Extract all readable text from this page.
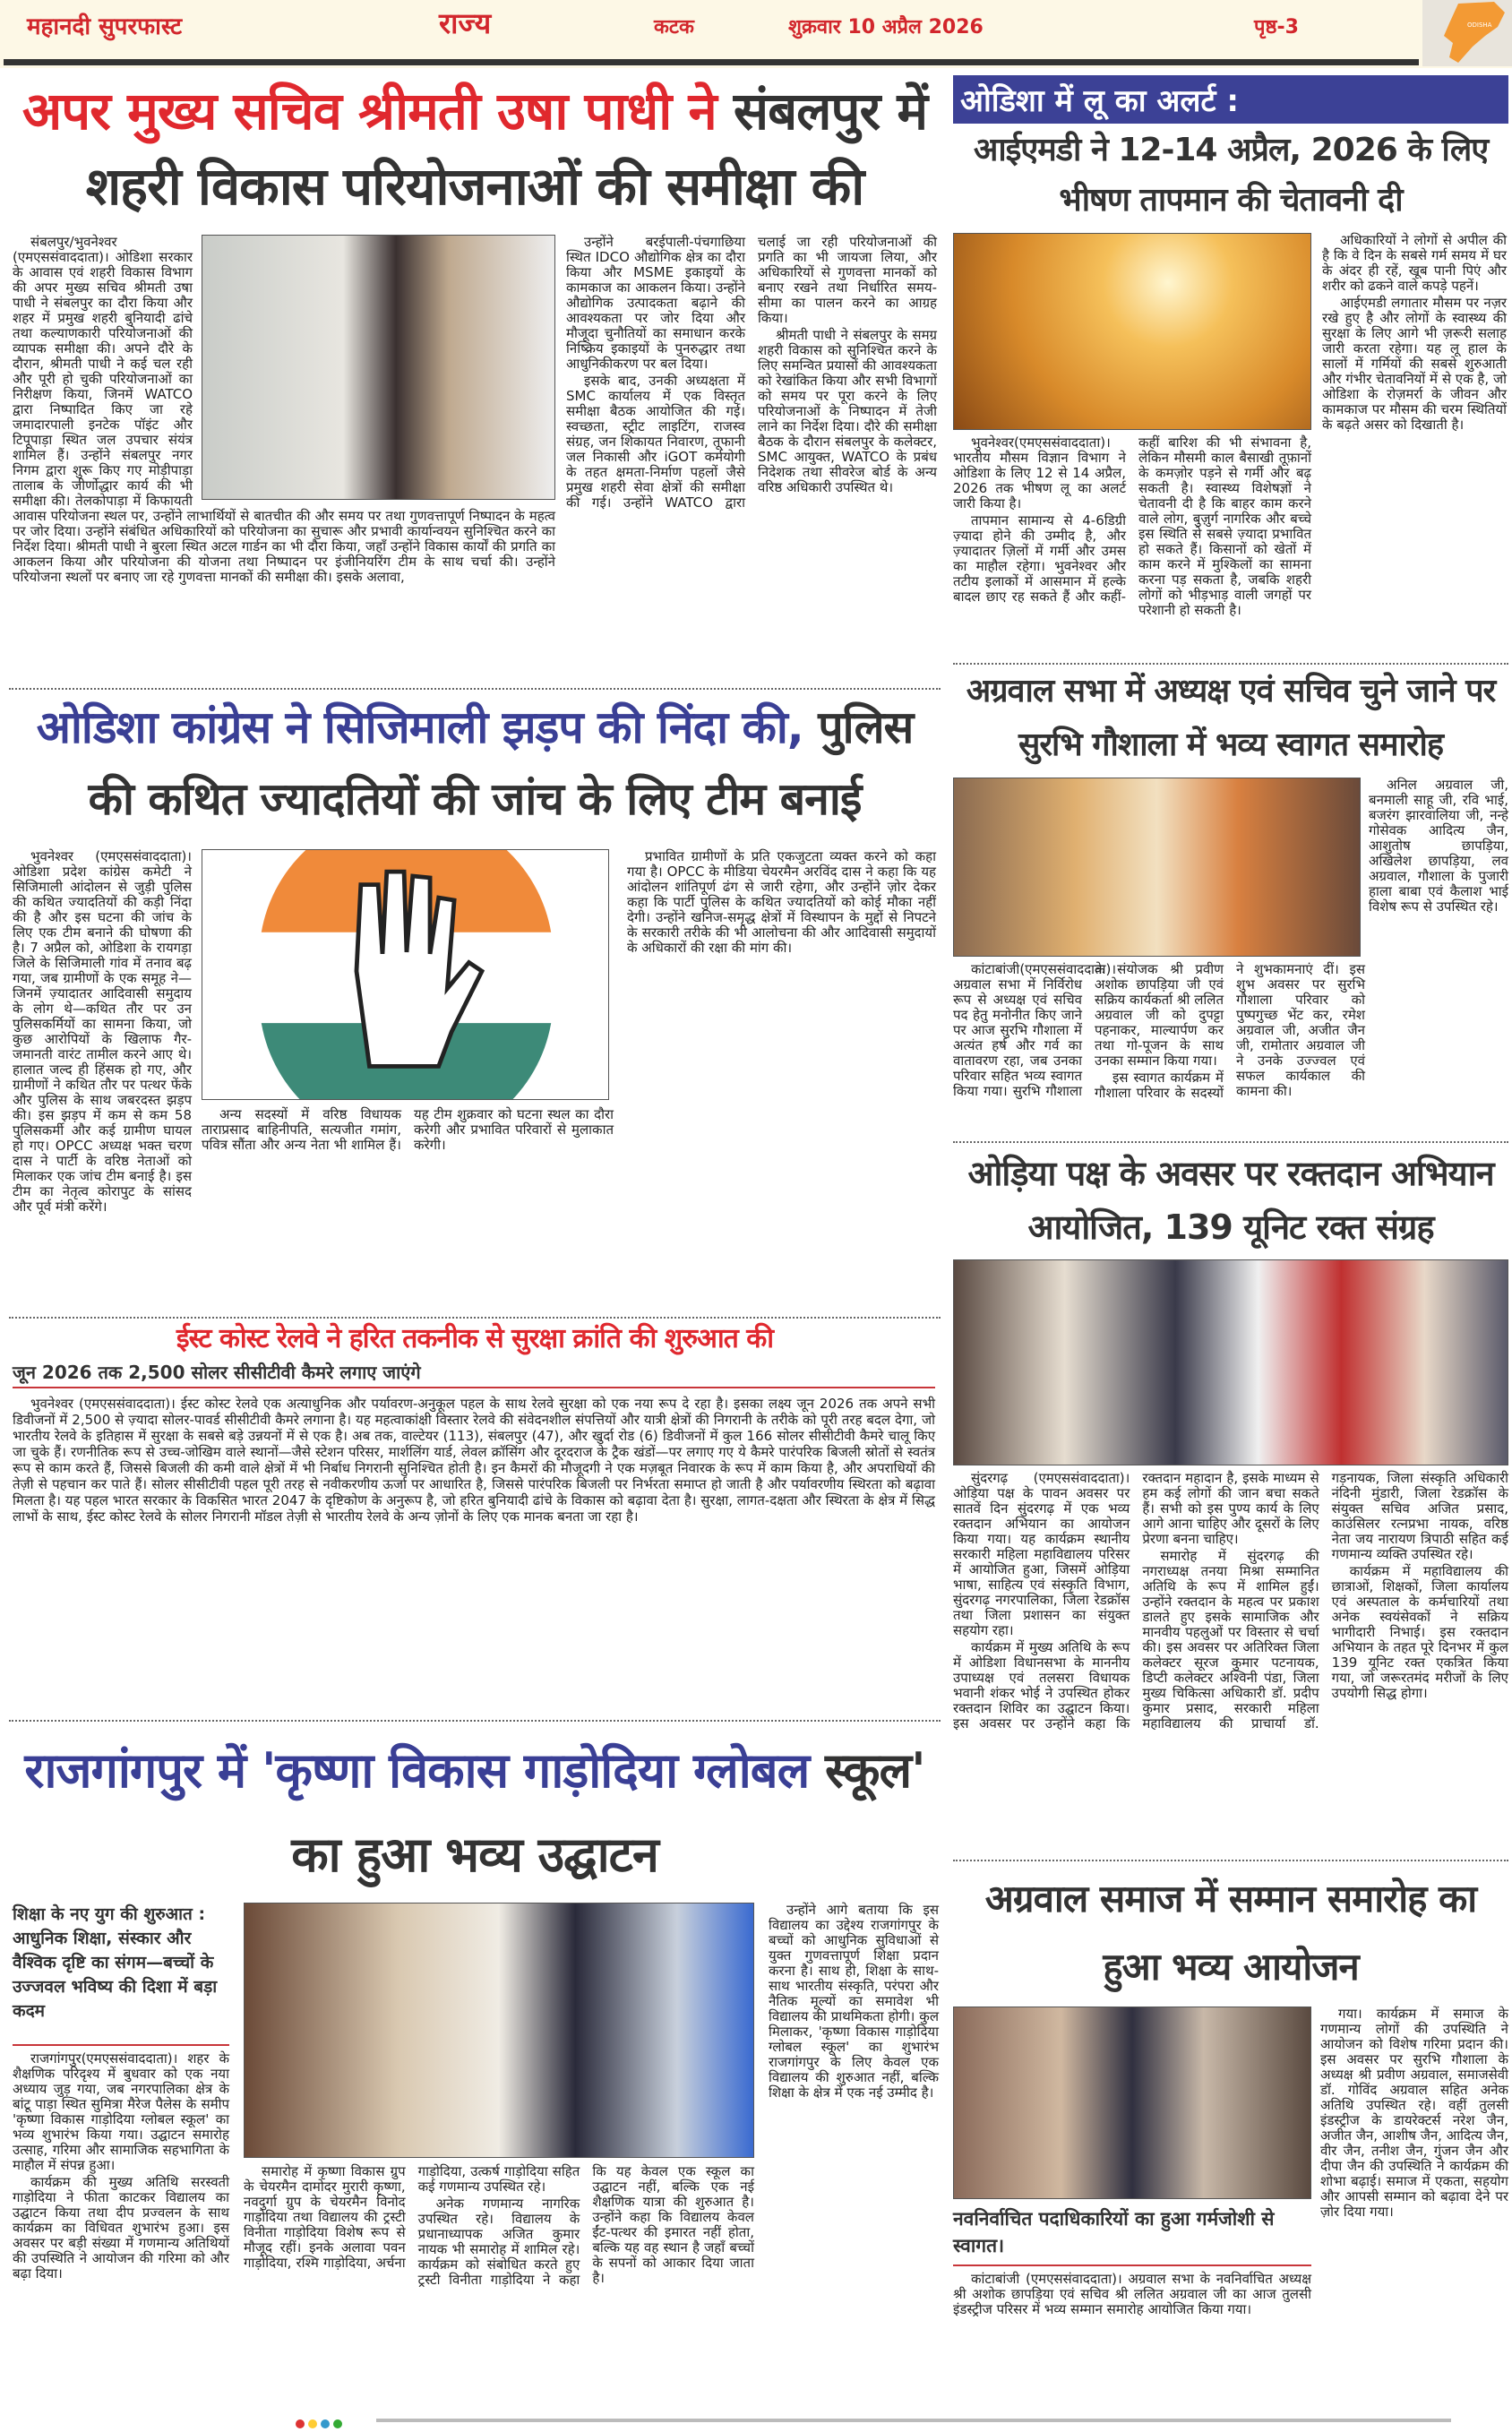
महानदी सुपरफास्ट	राज्य	कटक	शुक्रवार 10 अप्रैल 2026	पृष्ठ-3	ODISHA
अपर मुख्य सचिव श्रीमती उषा पाधी ने संबलपुर में शहरी विकास परियोजनाओं की समीक्षा की

संबलपुर/भुवनेश्वर (एमएससंवाददाता)। ओडिशा सरकार के आवास एवं शहरी विकास विभाग की अपर मुख्य सचिव श्रीमती उषा पाधी ने संबलपुर का दौरा किया और शहर में प्रमुख शहरी बुनियादी ढांचे तथा कल्याणकारी परियोजनाओं की व्यापक समीक्षा की। अपने दौरे के दौरान, श्रीमती पाधी ने कई चल रही और पूरी हो चुकी परियोजनाओं का निरीक्षण किया, जिनमें WATCO द्वारा निष्पादित किए जा रहे जमादारपाली इनटेक पॉइंट और टिपूपाड़ा स्थित जल उपचार संयंत्र शामिल हैं। उन्होंने संबलपुर नगर निगम द्वारा शुरू किए गए मोड़ीपाड़ा तालाब के जीर्णोद्धार कार्य की भी समीक्षा की। तेलकोपाड़ा में किफायती आवास परियोजना स्थल पर, उन्होंने लाभार्थियों से बातचीत की और समय पर तथा गुणवत्तापूर्ण निष्पादन के महत्व पर जोर दिया। उन्होंने संबंधित अधिकारियों को परियोजना का सुचारू और प्रभावी कार्यान्वयन सुनिश्चित करने का निर्देश दिया। श्रीमती पाधी ने बुरला स्थित अटल गार्डन का भी दौरा किया, जहाँ उन्होंने विकास कार्यों की प्रगति का आकलन किया और परियोजना की योजना तथा निष्पादन पर इंजीनियरिंग टीम के साथ चर्चा की। उन्होंने परियोजना स्थलों पर बनाए जा रहे गुणवत्ता मानकों की समीक्षा की। इसके अलावा,

उन्होंने बरईपाली-पंचगाछिया स्थित IDCO औद्योगिक क्षेत्र का दौरा किया और MSME इकाइयों के कामकाज का आकलन किया। उन्होंने औद्योगिक उत्पादकता बढ़ाने की आवश्यकता पर जोर दिया और मौजूदा चुनौतियों का समाधान करके निष्क्रिय इकाइयों के पुनरुद्धार तथा आधुनिकीकरण पर बल दिया।

इसके बाद, उनकी अध्यक्षता में SMC कार्यालय में एक विस्तृत समीक्षा बैठक आयोजित की गई। स्वच्छता, स्ट्रीट लाइटिंग, राजस्व संग्रह, जन शिकायत निवारण, तूफानी जल निकासी और iGOT कर्मयोगी के तहत क्षमता-निर्माण पहलों जैसे प्रमुख शहरी सेवा क्षेत्रों की समीक्षा की गई। उन्होंने WATCO द्वारा चलाई जा रही परियोजनाओं की प्रगति का भी जायजा लिया, और अधिकारियों से गुणवत्ता मानकों को बनाए रखने तथा निर्धारित समय-सीमा का पालन करने का आग्रह किया।

श्रीमती पाधी ने संबलपुर के समग्र शहरी विकास को सुनिश्चित करने के लिए समन्वित प्रयासों की आवश्यकता को रेखांकित किया और सभी विभागों को समय पर पूरा करने के लिए परियोजनाओं के निष्पादन में तेजी लाने का निर्देश दिया। दौरे की समीक्षा बैठक के दौरान संबलपुर के कलेक्टर, SMC आयुक्त, WATCO के प्रबंध निदेशक तथा सीवरेज बोर्ड के अन्य वरिष्ठ अधिकारी उपस्थित थे।

ओडिशा में लू का अलर्ट :
आईएमडी ने 12-14 अप्रैल, 2026 के लिए भीषण तापमान की चेतावनी दी

भुवनेश्वर(एमएससंवाददाता)। भारतीय मौसम विज्ञान विभाग ने ओडिशा के लिए 12 से 14 अप्रैल, 2026 तक भीषण लू का अलर्ट जारी किया है।

तापमान सामान्य से 4-6डिग्री ज़्यादा होने की उम्मीद है, और ज़्यादातर ज़िलों में गर्मी और उमस का माहौल रहेगा। भुवनेश्वर और तटीय इलाकों में आसमान में हल्के बादल छाए रह सकते हैं और कहीं-कहीं बारिश की भी संभावना है, लेकिन मौसमी काल बैसाखी तूफ़ानों के कमज़ोर पड़ने से गर्मी और बढ़ सकती है। स्वास्थ्य विशेषज्ञों ने चेतावनी दी है कि बाहर काम करने वाले लोग, बुज़ुर्ग नागरिक और बच्चे इस स्थिति से सबसे ज़्यादा प्रभावित हो सकते हैं। किसानों को खेतों में काम करने में मुश्किलों का सामना करना पड़ सकता है, जबकि शहरी लोगों को भीड़भाड़ वाली जगहों पर परेशानी हो सकती है।

अधिकारियों ने लोगों से अपील की है कि वे दिन के सबसे गर्म समय में घर के अंदर ही रहें, खूब पानी पिएं और शरीर को ढकने वाले कपड़े पहनें।

आईएमडी लगातार मौसम पर नज़र रखे हुए है और लोगों के स्वास्थ्य की सुरक्षा के लिए आगे भी ज़रूरी सलाह जारी करता रहेगा। यह लू हाल के सालों में गर्मियों की सबसे शुरुआती और गंभीर चेतावनियों में से एक है, जो ओडिशा के रोज़मर्रा के जीवन और कामकाज पर मौसम की चरम स्थितियों के बढ़ते असर को दिखाती है।

ओडिशा कांग्रेस ने सिजिमाली झड़प की निंदा की, पुलिस की कथित ज्यादतियों की जांच के लिए टीम बनाई

भुवनेश्वर (एमएससंवाददाता)। ओडिशा प्रदेश कांग्रेस कमेटी ने सिजिमाली आंदोलन से जुड़ी पुलिस की कथित ज्यादतियों की कड़ी निंदा की है और इस घटना की जांच के लिए एक टीम बनाने की घोषणा की है। 7 अप्रैल को, ओडिशा के रायगड़ा जिले के सिजिमाली गांव में तनाव बढ़ गया, जब ग्रामीणों के एक समूह ने—जिनमें ज़्यादातर आदिवासी समुदाय के लोग थे—कथित तौर पर उन पुलिसकर्मियों का सामना किया, जो कुछ आरोपियों के खिलाफ गैर-जमानती वारंट तामील करने आए थे। हालात जल्द ही हिंसक हो गए, और ग्रामीणों ने कथित तौर पर पत्थर फेंके और पुलिस के साथ जबरदस्त झड़प की। इस झड़प में कम से कम 58 पुलिसकर्मी और कई ग्रामीण घायल हो गए। OPCC अध्यक्ष भक्त चरण दास ने पार्टी के वरिष्ठ नेताओं को मिलाकर एक जांच टीम बनाई है। इस टीम का नेतृत्व कोरापुट के सांसद और पूर्व मंत्री करेंगे।

अन्य सदस्यों में वरिष्ठ विधायक ताराप्रसाद बाहिनीपति, सत्यजीत गमांग, पवित्र सौंता और अन्य नेता भी शामिल हैं। यह टीम शुक्रवार को घटना स्थल का दौरा करेगी और प्रभावित परिवारों से मुलाकात करेगी।

प्रभावित ग्रामीणों के प्रति एकजुटता व्यक्त करने को कहा गया है। OPCC के मीडिया चेयरमैन अरविंद दास ने कहा कि यह आंदोलन शांतिपूर्ण ढंग से जारी रहेगा, और उन्होंने ज़ोर देकर कहा कि पार्टी पुलिस के कथित ज्यादतियों को कोई मौका नहीं देगी। उन्होंने खनिज-समृद्ध क्षेत्रों में विस्थापन के मुद्दों से निपटने के सरकारी तरीके की भी आलोचना की और आदिवासी समुदायों के अधिकारों की रक्षा की मांग की।

ईस्ट कोस्ट रेलवे ने हरित तकनीक से सुरक्षा क्रांति की शुरुआत की
जून 2026 तक 2,500 सोलर सीसीटीवी कैमरे लगाए जाएंगे

भुवनेश्वर (एमएससंवाददाता)। ईस्ट कोस्ट रेलवे एक अत्याधुनिक और पर्यावरण-अनुकूल पहल के साथ रेलवे सुरक्षा को एक नया रूप दे रहा है। इसका लक्ष्य जून 2026 तक अपने सभी डिवीजनों में 2,500 से ज़्यादा सोलर-पावर्ड सीसीटीवी कैमरे लगाना है। यह महत्वाकांक्षी विस्तार रेलवे की संवेदनशील संपत्तियों और यात्री क्षेत्रों की निगरानी के तरीके को पूरी तरह बदल देगा, जो भारतीय रेलवे के इतिहास में सुरक्षा के सबसे बड़े उन्नयनों में से एक है। अब तक, वाल्टेयर (113), संबलपुर (47), और खुर्दा रोड (6) डिवीजनों में कुल 166 सोलर सीसीटीवी कैमरे चालू किए जा चुके हैं। रणनीतिक रूप से उच्च-जोखिम वाले स्थानों—जैसे स्टेशन परिसर, मार्शलिंग यार्ड, लेवल क्रॉसिंग और दूरदराज के ट्रैक खंडों—पर लगाए गए ये कैमरे पारंपरिक बिजली स्रोतों से स्वतंत्र रूप से काम करते हैं, जिससे बिजली की कमी वाले क्षेत्रों में भी निर्बाध निगरानी सुनिश्चित होती है। इन कैमरों की मौजूदगी ने एक मज़बूत निवारक के रूप में काम किया है, और अपराधियों की तेज़ी से पहचान कर पाते हैं। सोलर सीसीटीवी पहल पूरी तरह से नवीकरणीय ऊर्जा पर आधारित है, जिससे पारंपरिक बिजली पर निर्भरता समाप्त हो जाती है और पर्यावरणीय स्थिरता को बढ़ावा मिलता है। यह पहल भारत सरकार के विकसित भारत 2047 के दृष्टिकोण के अनुरूप है, जो हरित बुनियादी ढांचे के विकास को बढ़ावा देता है। सुरक्षा, लागत-दक्षता और स्थिरता के क्षेत्र में सिद्ध लाभों के साथ, ईस्ट कोस्ट रेलवे के सोलर निगरानी मॉडल तेज़ी से भारतीय रेलवे के अन्य ज़ोनों के लिए एक मानक बनता जा रहा है।

राजगांगपुर में 'कृष्णा विकास गाड़ोदिया ग्लोबल स्कूल' का हुआ भव्य उद्घाटन
शिक्षा के नए युग की शुरुआत : आधुनिक शिक्षा, संस्कार और वैश्विक दृष्टि का संगम—बच्चों के उज्जवल भविष्य की दिशा में बड़ा कदम

राजगांगपुर(एमएससंवाददाता)। शहर के शैक्षणिक परिदृश्य में बुधवार को एक नया अध्याय जुड़ गया, जब नगरपालिका क्षेत्र के बांटू पाड़ा स्थित सुमित्रा मैरेज पैलेस के समीप 'कृष्णा विकास गाड़ोदिया ग्लोबल स्कूल' का भव्य शुभारंभ किया गया। उद्घाटन समारोह उत्साह, गरिमा और सामाजिक सहभागिता के माहौल में संपन्न हुआ।

कार्यक्रम की मुख्य अतिथि सरस्वती गाड़ोदिया ने फीता काटकर विद्यालय का उद्घाटन किया तथा दीप प्रज्वलन के साथ कार्यक्रम का विधिवत शुभारंभ हुआ। इस अवसर पर बड़ी संख्या में गणमान्य अतिथियों की उपस्थिति ने आयोजन की गरिमा को और बढ़ा दिया।

समारोह में कृष्णा विकास ग्रुप के चेयरमैन दामोदर मुरारी कृष्णा, नवदुर्गा ग्रुप के चेयरमैन विनोद गाड़ोदिया तथा विद्यालय की ट्रस्टी विनीता गाड़ोदिया विशेष रूप से मौजूद रहीं। इनके अलावा पवन गाड़ोदिया, रश्मि गाड़ोदिया, अर्चना गाड़ोदिया, उत्कर्ष गाड़ोदिया सहित कई गणमान्य उपस्थित रहे।

अनेक गणमान्य नागरिक उपस्थित रहे। विद्यालय के प्रधानाध्यापक अजित कुमार नायक भी समारोह में शामिल रहे। कार्यक्रम को संबोधित करते हुए ट्रस्टी विनीता गाड़ोदिया ने कहा कि यह केवल एक स्कूल का उद्घाटन नहीं, बल्कि एक नई शैक्षणिक यात्रा की शुरुआत है। उन्होंने कहा कि विद्यालय केवल ईंट-पत्थर की इमारत नहीं होता, बल्कि यह वह स्थान है जहाँ बच्चों के सपनों को आकार दिया जाता है।

उन्होंने आगे बताया कि इस विद्यालय का उद्देश्य राजगांगपुर के बच्चों को आधुनिक सुविधाओं से युक्त गुणवत्तापूर्ण शिक्षा प्रदान करना है। साथ ही, शिक्षा के साथ-साथ भारतीय संस्कृति, परंपरा और नैतिक मूल्यों का समावेश भी विद्यालय की प्राथमिकता होगी। कुल मिलाकर, 'कृष्णा विकास गाड़ोदिया ग्लोबल स्कूल' का शुभारंभ राजगांगपुर के लिए केवल एक विद्यालय की शुरुआत नहीं, बल्कि शिक्षा के क्षेत्र में एक नई उम्मीद है।

अग्रवाल सभा में अध्यक्ष एवं सचिव चुने जाने पर सुरभि गौशाला में भव्य स्वागत समारोह

अनिल अग्रवाल जी, बनमाली साहू जी, रवि भाई, बजरंग झारवालिया जी, नन्हे गोसेवक आदित्य जैन, आशुतोष छापड़िया, अखिलेश छापड़िया, लव अग्रवाल, गौशाला के पुजारी हाला बाबा एवं कैलाश भाई विशेष रूप से उपस्थित रहे।

कांटाबांजी(एमएससंवाददाता)। अग्रवाल सभा में निर्विरोध रूप से अध्यक्ष एवं सचिव पद हेतु मनोनीत किए जाने पर आज सुरभि गौशाला में अत्यंत हर्ष और गर्व का वातावरण रहा, जब उनका परिवार सहित भव्य स्वागत किया गया। सुरभि गौशाला के संयोजक श्री प्रवीण अशोक छापड़िया जी एवं सक्रिय कार्यकर्ता श्री ललित अग्रवाल जी को दुपट्टा पहनाकर, माल्यार्पण कर तथा गो-पूजन के साथ उनका सम्मान किया गया।

इस स्वागत कार्यक्रम में गौशाला परिवार के सदस्यों ने शुभकामनाएं दीं। इस शुभ अवसर पर सुरभि गौशाला परिवार को पुष्पगुच्छ भेंट कर, रमेश अग्रवाल जी, अजीत जैन जी, रामोतार अग्रवाल जी ने उनके उज्ज्वल एवं सफल कार्यकाल की कामना की।

ओड़िया पक्ष के अवसर पर रक्तदान अभियान आयोजित, 139 यूनिट रक्त संग्रह

सुंदरगढ़ (एमएससंवाददाता)। ओड़िया पक्ष के पावन अवसर पर सातवें दिन सुंदरगढ़ में एक भव्य रक्तदान अभियान का आयोजन किया गया। यह कार्यक्रम स्थानीय सरकारी महिला महाविद्यालय परिसर में आयोजित हुआ, जिसमें ओड़िया भाषा, साहित्य एवं संस्कृति विभाग, सुंदरगढ़ नगरपालिका, जिला रेडक्रॉस तथा जिला प्रशासन का संयुक्त सहयोग रहा।

कार्यक्रम में मुख्य अतिथि के रूप में ओडिशा विधानसभा के माननीय उपाध्यक्ष एवं तलसरा विधायक भवानी शंकर भोई ने उपस्थित होकर रक्तदान शिविर का उद्घाटन किया। इस अवसर पर उन्होंने कहा कि रक्तदान महादान है, इसके माध्यम से हम कई लोगों की जान बचा सकते हैं। सभी को इस पुण्य कार्य के लिए आगे आना चाहिए और दूसरों के लिए प्रेरणा बनना चाहिए।

समारोह में सुंदरगढ़ की नगराध्यक्ष तनया मिश्रा सम्मानित अतिथि के रूप में शामिल हुईं। उन्होंने रक्तदान के महत्व पर प्रकाश डालते हुए इसके सामाजिक और मानवीय पहलुओं पर विस्तार से चर्चा की। इस अवसर पर अतिरिक्त जिला कलेक्टर सूरज कुमार पटनायक, डिप्टी कलेक्टर अश्विनी पंडा, जिला मुख्य चिकित्सा अधिकारी डॉ. प्रदीप कुमार प्रसाद, सरकारी महिला महाविद्यालय की प्राचार्या डॉ. गड़नायक, जिला संस्कृति अधिकारी नंदिनी मुंडारी, जिला रेडक्रॉस के संयुक्त सचिव अजित प्रसाद, काउंसिलर रत्नप्रभा नायक, वरिष्ठ नेता जय नारायण त्रिपाठी सहित कई गणमान्य व्यक्ति उपस्थित रहे।

कार्यक्रम में महाविद्यालय की छात्राओं, शिक्षकों, जिला कार्यालय एवं अस्पताल के कर्मचारियों तथा अनेक स्वयंसेवकों ने सक्रिय भागीदारी निभाई। इस रक्तदान अभियान के तहत पूरे दिनभर में कुल 139 यूनिट रक्त एकत्रित किया गया, जो जरूरतमंद मरीजों के लिए उपयोगी सिद्ध होगा।

अग्रवाल समाज में सम्मान समारोह का हुआ भव्य आयोजन
नवनिर्वाचित पदाधिकारियों का हुआ गर्मजोशी से स्वागत।

कांटाबांजी (एमएससंवाददाता)। अग्रवाल सभा के नवनिर्वाचित अध्यक्ष श्री अशोक छापड़िया एवं सचिव श्री ललित अग्रवाल जी का आज तुलसी इंडस्ट्रीज परिसर में भव्य सम्मान समारोह आयोजित किया गया।

गया। कार्यक्रम में समाज के गणमान्य लोगों की उपस्थिति ने आयोजन को विशेष गरिमा प्रदान की। इस अवसर पर सुरभि गौशाला के अध्यक्ष श्री प्रवीण अग्रवाल, समाजसेवी डॉ. गोविंद अग्रवाल सहित अनेक अतिथि उपस्थित रहे। वहीं तुलसी इंडस्ट्रीज के डायरेक्टर्स नरेश जैन, अजीत जैन, आशीष जैन, आदित्य जैन, वीर जैन, तनीश जैन, गुंजन जैन और दीपा जैन की उपस्थिति ने कार्यक्रम की शोभा बढ़ाई। समाज में एकता, सहयोग और आपसी सम्मान को बढ़ावा देने पर ज़ोर दिया गया।
